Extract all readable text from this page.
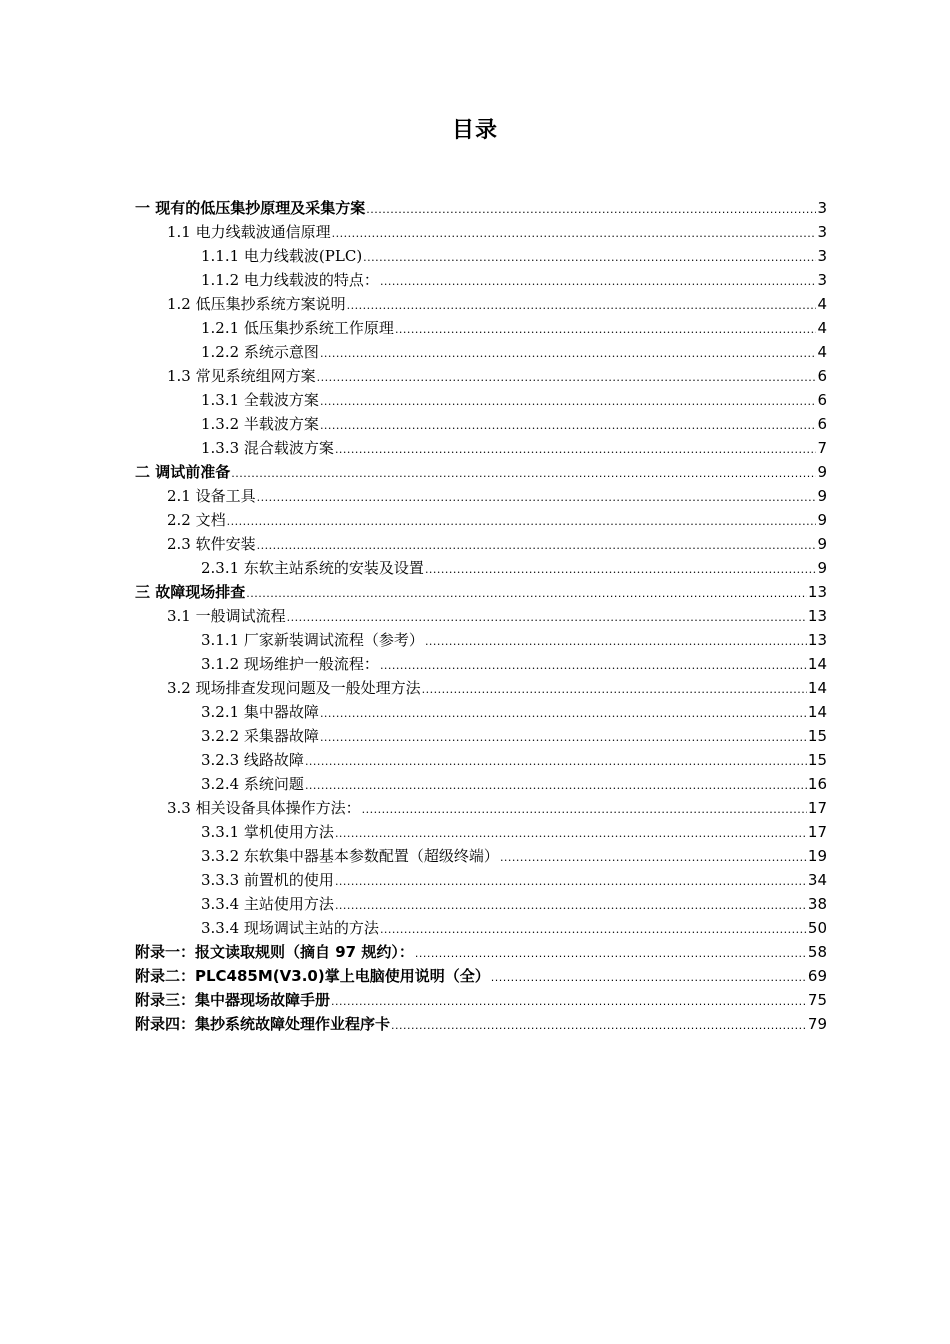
目录
一 现有的低压集抄原理及采集方案 .....	3
1.1 电力线载波通信原理 .....	3
1.1.1 电力线载波(PLC) .....	3
1.1.2 电力线载波的特点： .....	3
1.2 低压集抄系统方案说明 .....	4
1.2.1 低压集抄系统工作原理 .....	4
1.2.2 系统示意图 .....	4
1.3 常见系统组网方案 .....	6
1.3.1 全载波方案 .....	6
1.3.2 半载波方案 .....	6
1.3.3 混合载波方案 .....	7
二 调试前准备 .....	9
2.1 设备工具 .....	9
2.2 文档 .....	9
2.3 软件安装 .....	9
2.3.1 东软主站系统的安装及设置 .....	9
三 故障现场排查 .....	13
3.1 一般调试流程 .....	13
3.1.1 厂家新装调试流程（参考） .....	13
3.1.2 现场维护一般流程： .....	14
3.2 现场排查发现问题及一般处理方法 .....	14
3.2.1 集中器故障 .....	14
3.2.2 采集器故障 .....	15
3.2.3 线路故障 .....	15
3.2.4 系统问题 .....	16
3.3 相关设备具体操作方法： .....	17
3.3.1 掌机使用方法 .....	17
3.3.2 东软集中器基本参数配置（超级终端） .....	19
3.3.3 前置机的使用 .....	34
3.3.4 主站使用方法 .....	38
3.3.4 现场调试主站的方法 .....	50
附录一：报文读取规则（摘自 97 规约）： .....	58
附录二：PLC485M(V3.0)掌上电脑使用说明（全） .....	69
附录三：集中器现场故障手册 .....	75
附录四：集抄系统故障处理作业程序卡 .....	79
